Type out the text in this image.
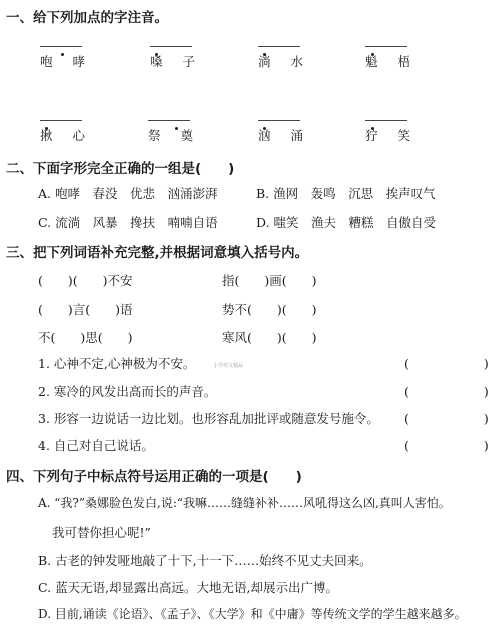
一、给下列加点的字注音。
咆 哮	嗓 子	淌 水	魁 梧
揪 心	祭 奠	汹 涌	狞 笑
二、下面字形完全正确的一组是(　　)
A. 咆哮　春没　优悲　汹涌澎湃	B. 渔网　轰鸣　沉思　挨声叹气
C. 流淌　风暴　搀扶　喃喃自语	D. 嗤笑　渔夫　糟糕　自傲自受
三、把下列词语补充完整,并根据词意填入括号内。
(　　)(　　)不安	指(　　)画(　　)
(　　)言(　　)语	势不(　　)(　　)
不(　　)思(　　)	寒风(　　)(　　)
1. 心神不定,心神极为不安。	小学语文精品	(　　　　　　)
2. 寒冷的风发出高而长的声音。	(　　　　　　)
3. 形容一边说话一边比划。也形容乱加批评或随意发号施令。 (　　　　　　)
4. 自己对自己说话。	(　　　　　　)
四、下列句子中标点符号运用正确的一项是(　　)
A. “我?”桑娜脸色发白,说:“我嘛……缝缝补补……风吼得这么凶,真叫人害怕。
我可替你担心呢!”
B. 古老的钟发哑地敲了十下,十一下……始终不见丈夫回来。
C. 蓝天无语,却显露出高远。大地无语,却展示出广博。
D. 目前,诵读《论语》、《孟子》、《大学》和《中庸》等传统文学的学生越来越多。
